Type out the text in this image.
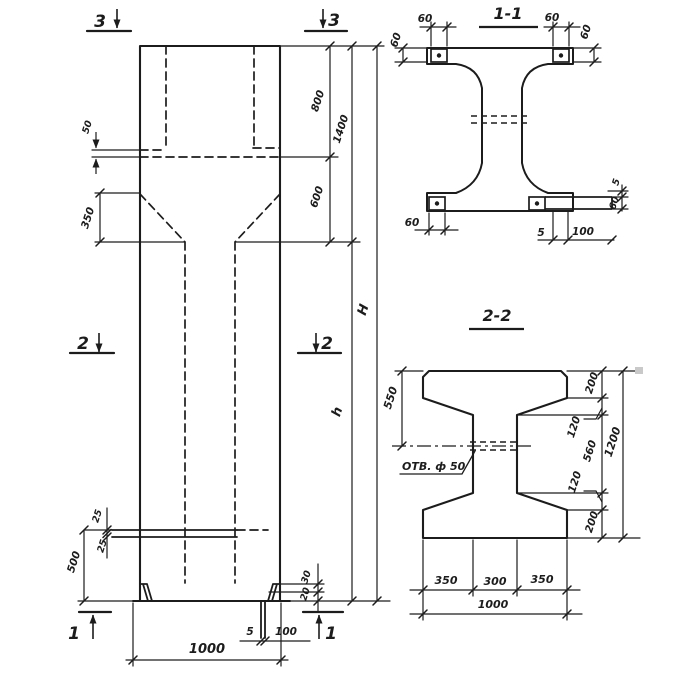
3	3
2	2
1	1
50
350
800
1400
600
H
h
25
25
500
30
20
5 100
1000
1-1
60
60
60
60
60
5	100
5
60
2-2
ОТВ. ф 50
550
200
120
560
120
200
1200
350 300 350
1000
